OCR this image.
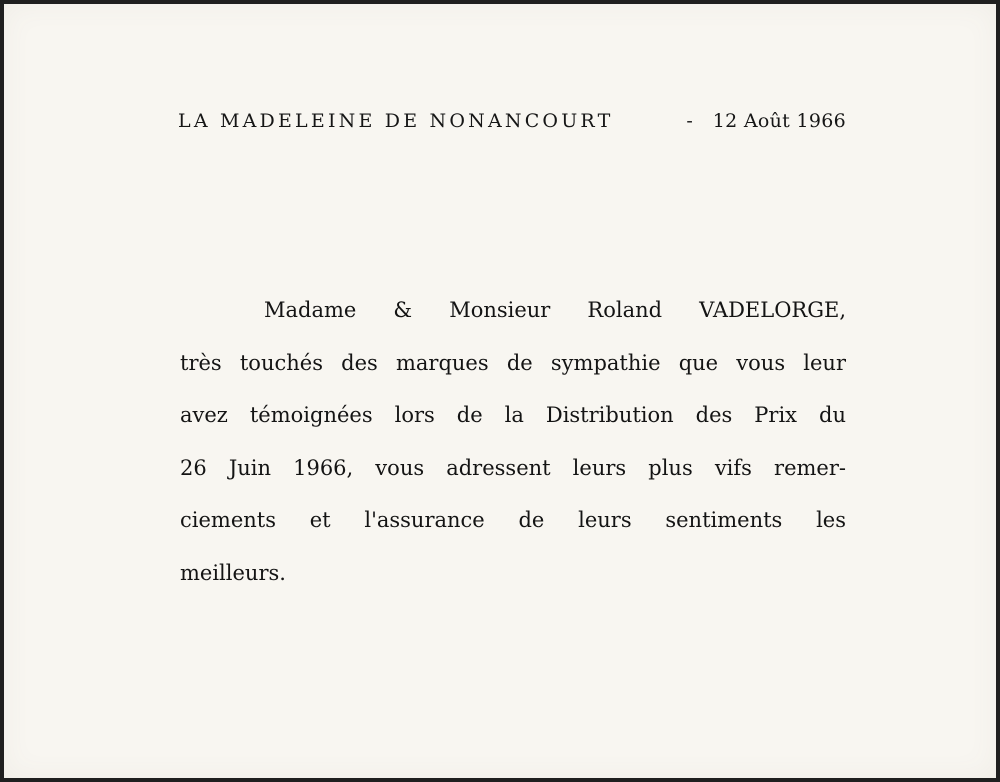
LA MADELEINE DE NONANCOURT	- 12 Août 1966
Madame & Monsieur Roland VADELORGE,
très touchés des marques de sympathie que vous leur
avez témoignées lors de la Distribution des Prix du
26 Juin 1966, vous adressent leurs plus vifs remer-
ciements et l'assurance de leurs sentiments les
meilleurs.
